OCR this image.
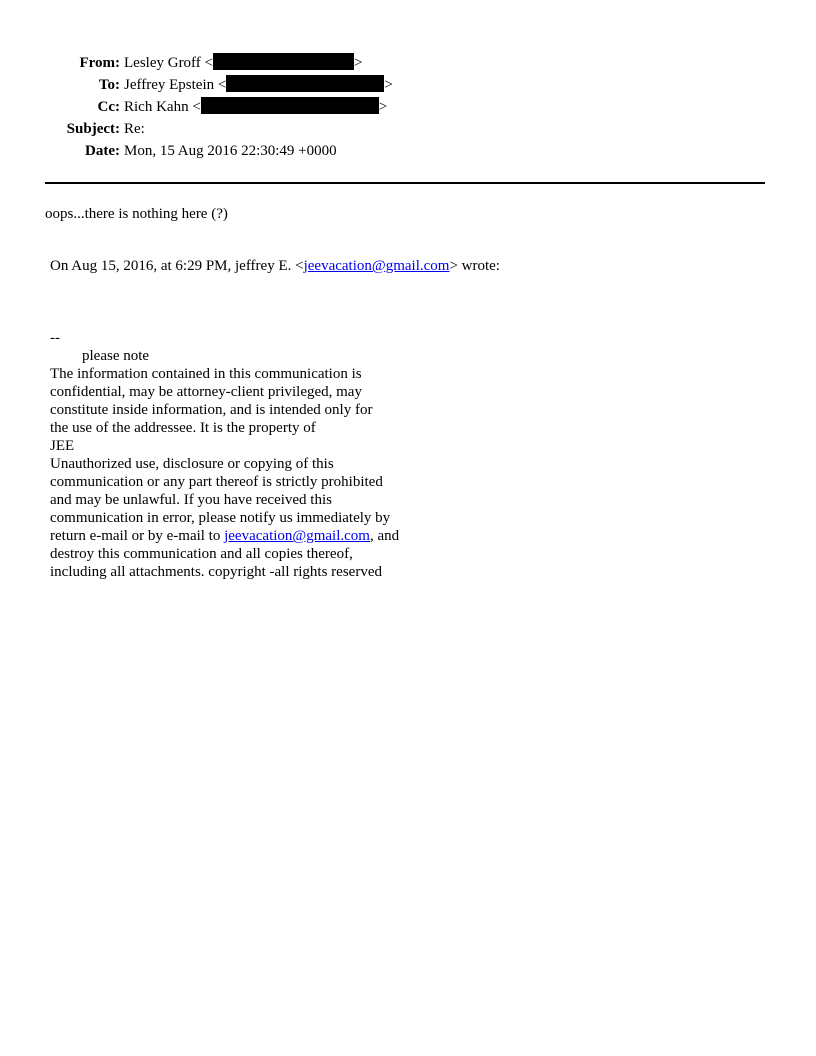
From:	Lesley Groff < >
To:	Jeffrey Epstein < >
Cc:	Rich Kahn < >
Subject:	Re:
Date:	Mon, 15 Aug 2016 22:30:49 +0000
oops...there is nothing here (?)
On Aug 15, 2016, at 6:29 PM, jeffrey E. <jeevacation@gmail.com> wrote:
--
please note
The information contained in this communication is
confidential, may be attorney-client privileged, may
constitute inside information, and is intended only for
the use of the addressee. It is the property of
JEE
Unauthorized use, disclosure or copying of this
communication or any part thereof is strictly prohibited
and may be unlawful. If you have received this
communication in error, please notify us immediately by
return e-mail or by e-mail to jeevacation@gmail.com, and
destroy this communication and all copies thereof,
including all attachments. copyright -all rights reserved
